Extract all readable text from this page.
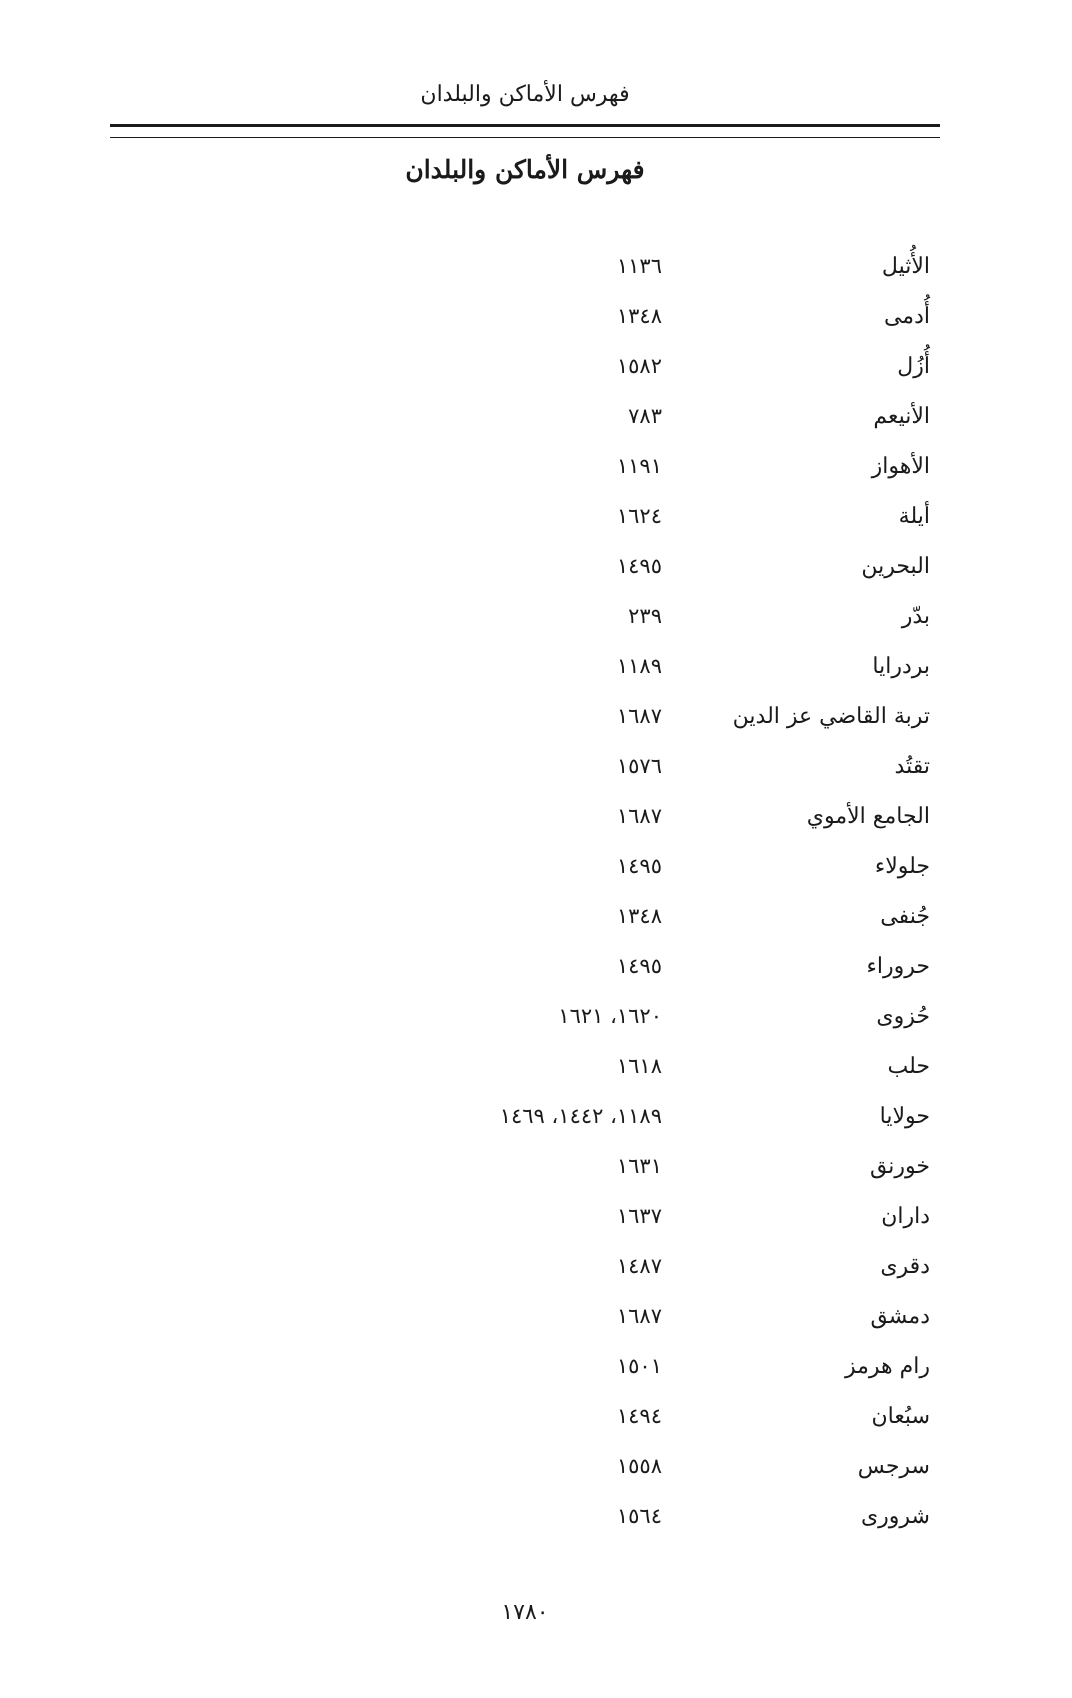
فهرس الأماكن والبلدان
فهرس الأماكن والبلدان
الأُثيل
١١٣٦
أُدمى
١٣٤٨
أُزُل
١٥٨٢
الأنيعم
٧٨٣
الأهواز
١١٩١
أيلة
١٦٢٤
البحرين
١٤٩٥
بدّر
٢٣٩
بردرايا
١١٨٩
تربة القاضي عز الدين
١٦٨٧
تقتُد
١٥٧٦
الجامع الأموي
١٦٨٧
جلولاء
١٤٩٥
جُنفى
١٣٤٨
حروراء
١٤٩٥
حُزوى
١٦٢٠، ١٦٢١
حلب
١٦١٨
حولايا
١١٨٩، ١٤٤٢، ١٤٦٩
خورنق
١٦٣١
داران
١٦٣٧
دقرى
١٤٨٧
دمشق
١٦٨٧
رام هرمز
١٥٠١
سبُعان
١٤٩٤
سرجس
١٥٥٨
شروری
١٥٦٤
١٧٨٠
